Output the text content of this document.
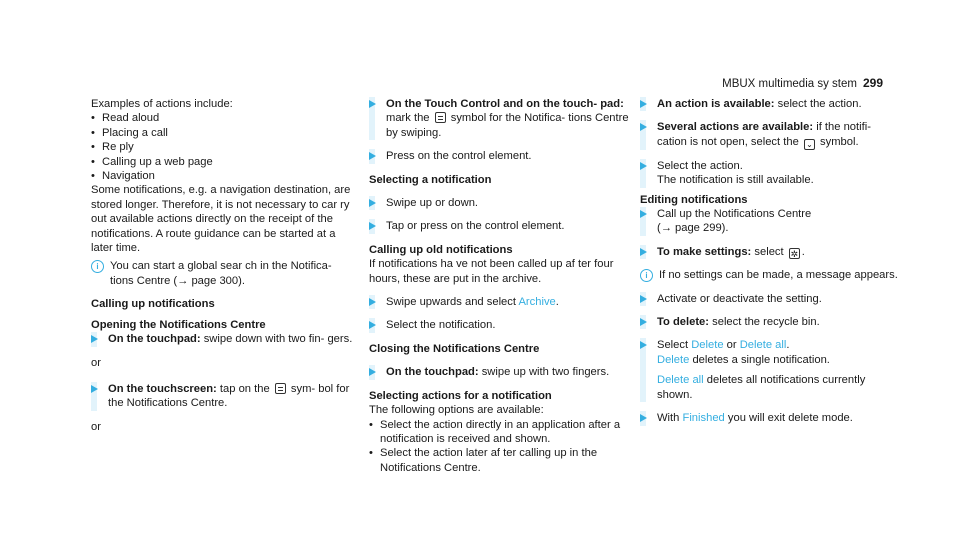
MBUX multimedia sy stem 299

Examples of actions include:

•
Read aloud
•
Placing a call
•
Re ply
•
Calling up a web page
•
Navigation

Some notifications, e.g. a navigation destination, are stored longer. Therefore, it is not necessary to car ry out available actions directly on the receipt of the notifications. A route guidance can be started at a later time.

i	You can start a global sear ch in the Notifica- tions Centre (→ page 300).

Calling up notifications

Opening the Notifications Centre

On the touchpad: swipe down with two fin- gers.

or

On the touchscreen: tap on the  sym- bol for the Notifications Centre.

or

On the Touch Control and on the touch- pad: mark the  symbol for the Notifica- tions Centre by swiping.
Press on the control element.

Selecting a notification

Swipe up or down.
Tap or press on the control element.

Calling up old notifications

If notifications ha ve not been called up af ter four hours, these are put in the archive.

Swipe upwards and select Archive.
Select the notification.

Closing the Notifications Centre

On the touchpad: swipe up with two fingers.

Selecting actions for a notification

The following options are available:

•
Select the action directly in an application after a notification is received and shown.
•
Select the action later af ter calling up in the Notifications Centre.
An action is available: select the action.
Several actions are available: if the notifi- cation is not open, select the ⌄ symbol.
Select the action.
The notification is still available.

Editing notifications

Call up the Notifications Centre
(→ page 299).
To make settings: select ✲ .
i	If no settings can be made, a message appears.
Activate or deactivate the setting.
To delete: select the recycle bin.
Select Delete or Delete all.
Delete deletes a single notification.

Delete all deletes all notifications currently shown.
With Finished you will exit delete mode.
